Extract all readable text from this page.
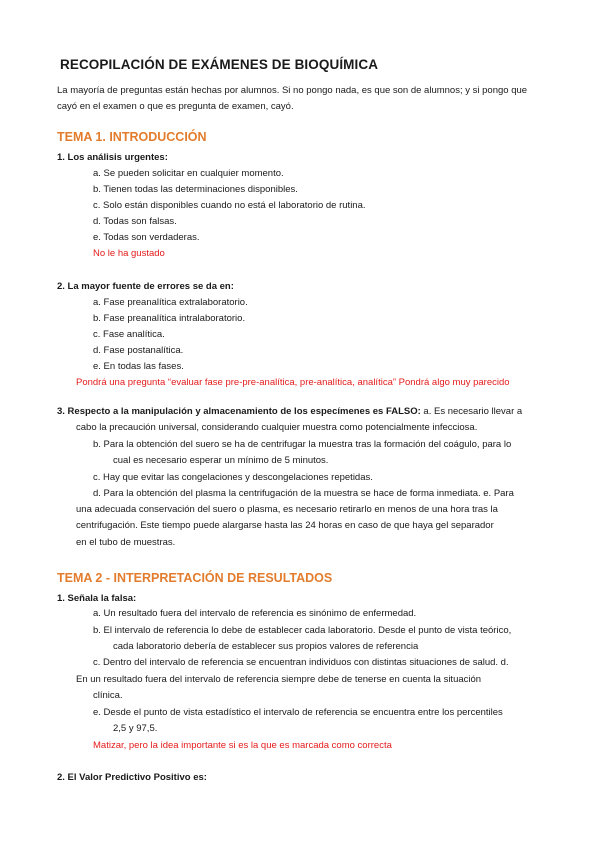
RECOPILACIÓN DE EXÁMENES DE BIOQUÍMICA
La mayoría de preguntas están hechas por alumnos. Si no pongo nada, es que son de alumnos; y si pongo que cayó en el examen o que es pregunta de examen, cayó.
TEMA 1. INTRODUCCIÓN
1. Los análisis urgentes:
a. Se pueden solicitar en cualquier momento.
b. Tienen todas las determinaciones disponibles.
c. Solo están disponibles cuando no está el laboratorio de rutina.
d. Todas son falsas.
e. Todas son verdaderas.
No le ha gustado
2. La mayor fuente de errores se da en:
a. Fase preanalítica extralaboratorio.
b. Fase preanalítica intralaboratorio.
c. Fase analítica.
d. Fase postanalítica.
e. En todas las fases.
Pondrá una pregunta “evaluar fase pre-pre-analítica, pre-analítica, analítica” Pondrá algo muy parecido
3. Respecto a la manipulación y almacenamiento de los especímenes es FALSO: a. Es necesario llevar a
cabo la precaución universal, considerando cualquier muestra como potencialmente infecciosa.
b. Para la obtención del suero se ha de centrifugar la muestra tras la formación del coágulo, para lo
cual es necesario esperar un mínimo de 5 minutos.
c. Hay que evitar las congelaciones y descongelaciones repetidas.
d. Para la obtención del plasma la centrifugación de la muestra se hace de forma inmediata. e. Para
una adecuada conservación del suero o plasma, es necesario retirarlo en menos de una hora tras la
centrifugación. Este tiempo puede alargarse hasta las 24 horas en caso de que haya gel separador
en el tubo de muestras.
TEMA 2 - INTERPRETACIÓN DE RESULTADOS
1. Señala la falsa:
a. Un resultado fuera del intervalo de referencia es sinónimo de enfermedad.
b. El intervalo de referencia lo debe de establecer cada laboratorio. Desde el punto de vista teórico,
cada laboratorio debería de establecer sus propios valores de referencia
c. Dentro del intervalo de referencia se encuentran individuos con distintas situaciones de salud. d.
En un resultado fuera del intervalo de referencia siempre debe de tenerse en cuenta la situación
clínica.
e. Desde el punto de vista estadístico el intervalo de referencia se encuentra entre los percentiles
2,5 y 97,5.
Matizar, pero la idea importante si es la que es marcada como correcta
2. El Valor Predictivo Positivo es:
